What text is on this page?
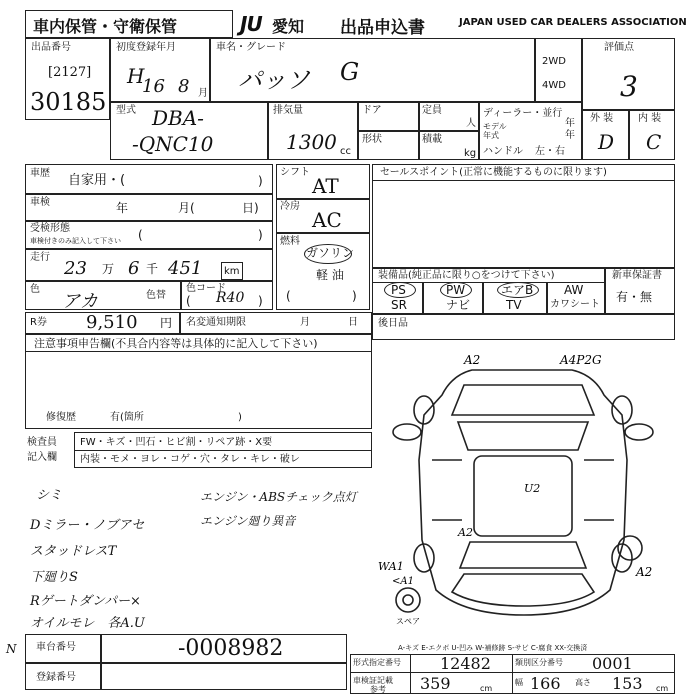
車内保管・守衛保管	JU 愛知 出品申込書	JAPAN USED CAR DEALERS ASSOCIATION
出品番号
[2127]
30185
初度登録年月
H
16 8 月
車名・グレード
パッソ G	2WD
4WD
評価点
3
型式 DBA-
-QNC10
排気量
1300 cc
ドア	定員
人
形状	積載
kg
ディーラー・並行
モデル
年式
年
年
ハンドル 左・右
外 装 内 装
D C
車歴 自家用・(	)
車検	年	月(	日)
受検形態
車検付きのみ記入して下さい (	)
走行
23 万 6 千 451 km
色
アカ	色替
色コード
( R40 )
シフト
AT
冷房
AC
燃料
ガソリン
軽 油
(	)
セールスポイント(正常に機能するものに限ります)
装備品(純正品に限り○をつけて下さい)
PS	PW	エアB	AW
SR	ナビ	TV	カワシート
新車保証書
有・無
R券 9,510 円 名変通知期限	月	日 後日品
注意事項申告欄(不具合内容等は具体的に記入して下さい)
修復歴	有(箇所	)
検査員
記入欄
FW・キズ・凹石・ヒビ割・リペア跡・X要
内装・モメ・ヨレ・コゲ・穴・タレ・キレ・破レ
シミ
Dミラー・ノブアセ
スタッドレスT
下廻りS
Rゲートダンパー×
オイルモレ　各A.U
エンジン・ABSチェック点灯
エンジン廻り異音
A2	A4P2G
U2
A2
WA1
<A1
A2
スペア
A-キズ E-エクボ U-凹み W-補修跡 S-サビ C-腐食 XX-交換済
N 車台番号	-0008982
登録番号
形式指定番号 12482	類別区分番号 0001
車検証記載
参考 359	cm
幅 166 高さ 153 cm
